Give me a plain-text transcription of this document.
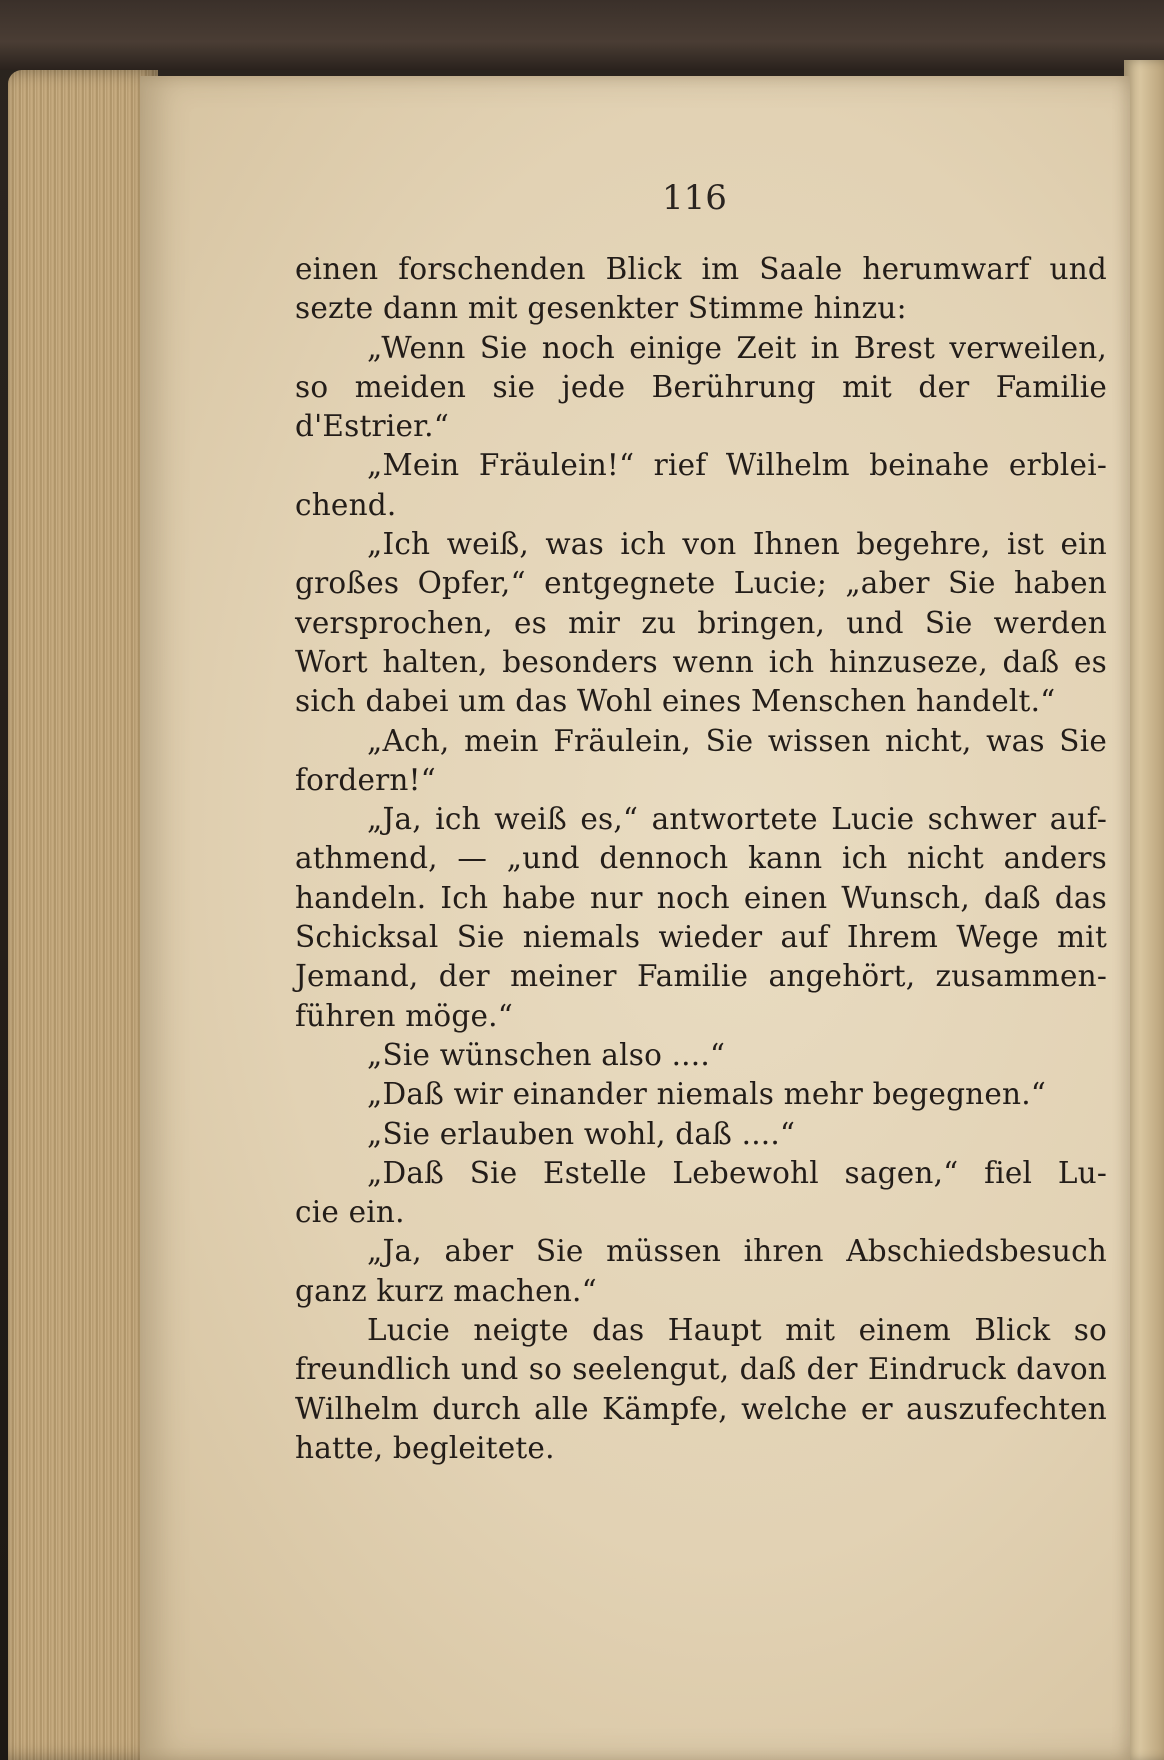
116
einen forschenden Blick im Saale herumwarf und
sezte dann mit gesenkter Stimme hinzu:
„Wenn Sie noch einige Zeit in Brest verweilen,
so meiden sie jede Berührung mit der Familie
d'Estrier.“
„Mein Fräulein!“ rief Wilhelm beinahe erblei-
chend.
„Ich weiß, was ich von Ihnen begehre, ist ein
großes Opfer,“ entgegnete Lucie; „aber Sie haben
versprochen, es mir zu bringen, und Sie werden
Wort halten, besonders wenn ich hinzuseze, daß es
sich dabei um das Wohl eines Menschen handelt.“
„Ach, mein Fräulein, Sie wissen nicht, was Sie
fordern!“
„Ja, ich weiß es,“ antwortete Lucie schwer auf-
athmend, — „und dennoch kann ich nicht anders
handeln. Ich habe nur noch einen Wunsch, daß das
Schicksal Sie niemals wieder auf Ihrem Wege mit
Jemand, der meiner Familie angehört, zusammen-
führen möge.“
„Sie wünschen also ....“
„Daß wir einander niemals mehr begegnen.“
„Sie erlauben wohl, daß ....“
„Daß Sie Estelle Lebewohl sagen,“ fiel Lu-
cie ein.
„Ja, aber Sie müssen ihren Abschiedsbesuch
ganz kurz machen.“
Lucie neigte das Haupt mit einem Blick so
freundlich und so seelengut, daß der Eindruck davon
Wilhelm durch alle Kämpfe, welche er auszufechten
hatte, begleitete.
